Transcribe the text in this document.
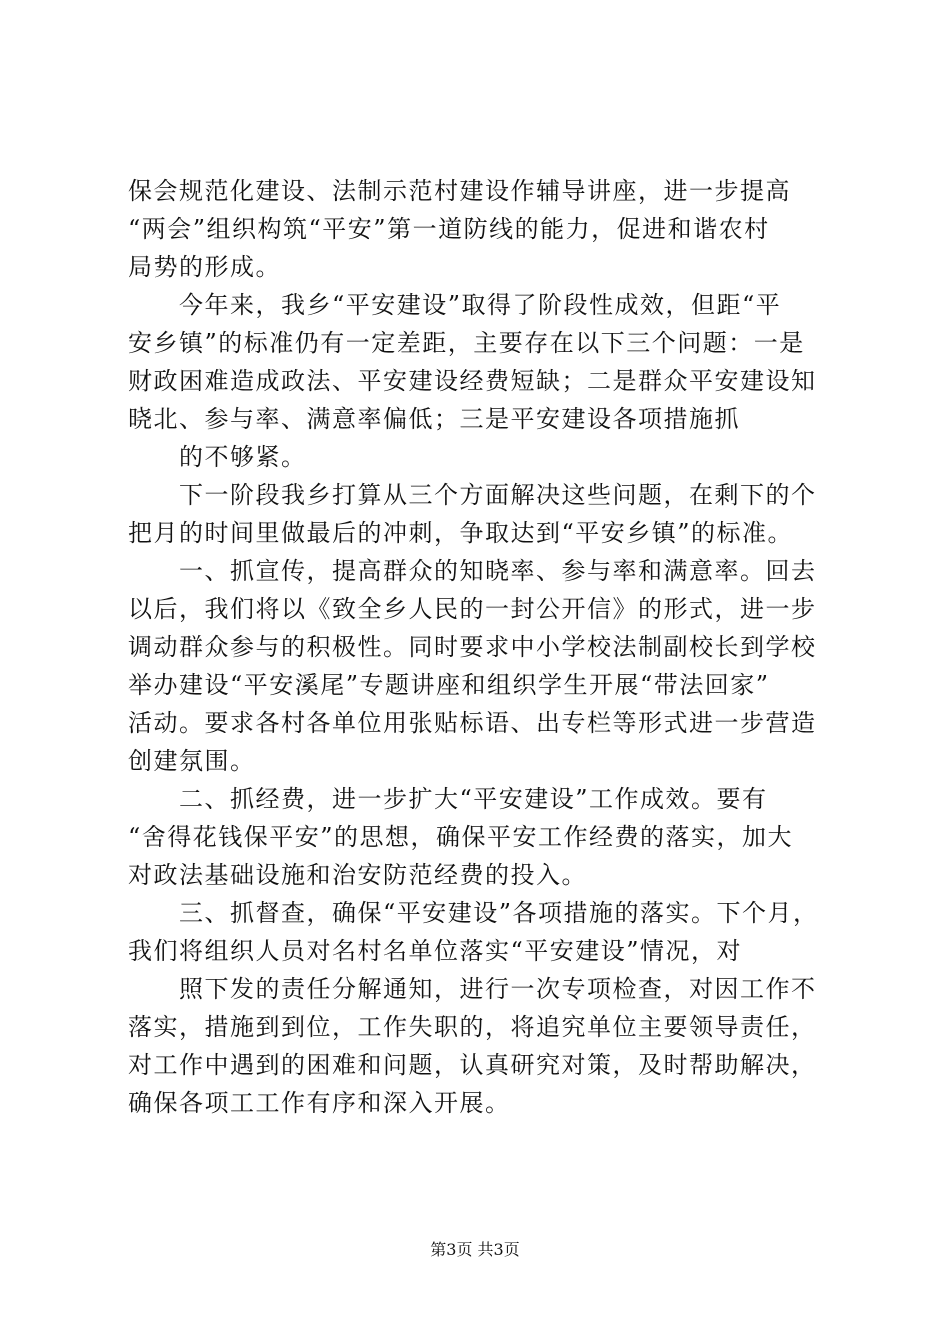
保会规范化建设、法制示范村建设作辅导讲座，进一步提高
“两会”组织构筑“平安”第一道防线的能力，促进和谐农村
局势的形成。
　　今年来，我乡“平安建设”取得了阶段性成效，但距“平
安乡镇”的标准仍有一定差距，主要存在以下三个问题：一是
财政困难造成政法、平安建设经费短缺；二是群众平安建设知
晓北、参与率、满意率偏低；三是平安建设各项措施抓
　　的不够紧。
　　下一阶段我乡打算从三个方面解决这些问题，在剩下的个
把月的时间里做最后的冲刺，争取达到“平安乡镇”的标准。
　　一、抓宣传，提高群众的知晓率、参与率和满意率。回去
以后，我们将以《致全乡人民的一封公开信》的形式，进一步
调动群众参与的积极性。同时要求中小学校法制副校长到学校
举办建设“平安溪尾”专题讲座和组织学生开展“带法回家”
活动。要求各村各单位用张贴标语、出专栏等形式进一步营造
创建氛围。
　　二、抓经费，进一步扩大“平安建设”工作成效。要有
“舍得花钱保平安”的思想，确保平安工作经费的落实，加大
对政法基础设施和治安防范经费的投入。
　　三、抓督查，确保“平安建设”各项措施的落实。下个月，
我们将组织人员对名村名单位落实“平安建设”情况，对
　　照下发的责任分解通知，进行一次专项检查，对因工作不
落实，措施到到位，工作失职的，将追究单位主要领导责任，
对工作中遇到的困难和问题，认真研究对策，及时帮助解决，
确保各项工工作有序和深入开展。
第3页 共3页
